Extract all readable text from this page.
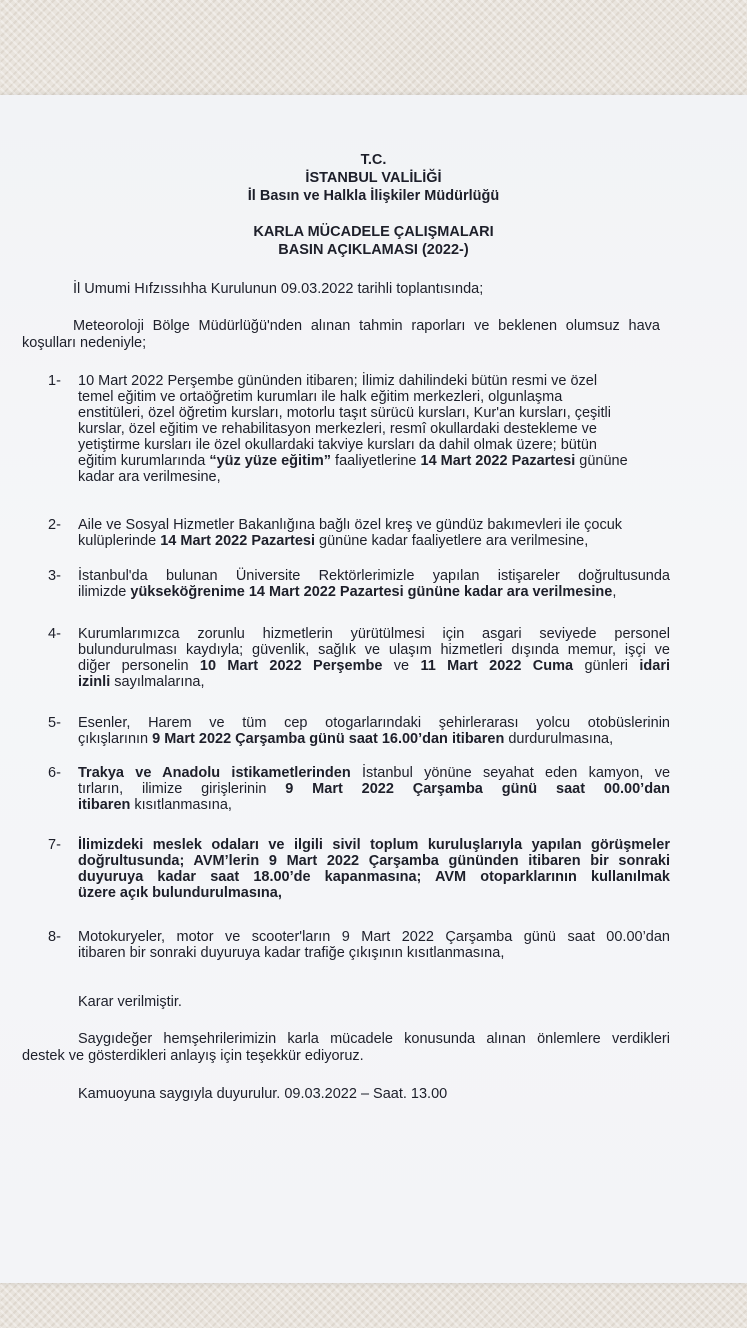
T.C.
İSTANBUL VALİLİĞİ
İl Basın ve Halkla İlişkiler Müdürlüğü
KARLA MÜCADELE ÇALIŞMALARI
BASIN AÇIKLAMASI (2022-)
İl Umumi Hıfzıssıhha Kurulunun 09.03.2022 tarihli toplantısında;
Meteoroloji Bölge Müdürlüğü'nden alınan tahmin raporları ve beklenen olumsuz hava
koşulları nedeniyle;
1- 10 Mart 2022 Perşembe gününden itibaren; İlimiz dahilindeki bütün resmi ve özel
temel eğitim ve ortaöğretim kurumları ile halk eğitim merkezleri, olgunlaşma
enstitüleri, özel öğretim kursları, motorlu taşıt sürücü kursları, Kur'an kursları, çeşitli
kurslar, özel eğitim ve rehabilitasyon merkezleri, resmî okullardaki destekleme ve
yetiştirme kursları ile özel okullardaki takviye kursları da dahil olmak üzere; bütün
eğitim kurumlarında “yüz yüze eğitim” faaliyetlerine 14 Mart 2022 Pazartesi gününe
kadar ara verilmesine,
2- Aile ve Sosyal Hizmetler Bakanlığına bağlı özel kreş ve gündüz bakımevleri ile çocuk
kulüplerinde 14 Mart 2022 Pazartesi gününe kadar faaliyetlere ara verilmesine,
3- İstanbul'da bulunan Üniversite Rektörlerimizle yapılan istişareler doğrultusunda
ilimizde yükseköğrenime 14 Mart 2022 Pazartesi gününe kadar ara verilmesine,
4- Kurumlarımızca zorunlu hizmetlerin yürütülmesi için asgari seviyede personel
bulundurulması kaydıyla; güvenlik, sağlık ve ulaşım hizmetleri dışında memur, işçi ve
diğer personelin 10 Mart 2022 Perşembe ve 11 Mart 2022 Cuma günleri idari
izinli sayılmalarına,
5- Esenler, Harem ve tüm cep otogarlarındaki şehirlerarası yolcu otobüslerinin
çıkışlarının 9 Mart 2022 Çarşamba günü saat 16.00’dan itibaren durdurulmasına,
6- Trakya ve Anadolu istikametlerinden İstanbul yönüne seyahat eden kamyon, ve
tırların, ilimize girişlerinin 9 Mart 2022 Çarşamba günü saat 00.00’dan
itibaren kısıtlanmasına,
7- İlimizdeki meslek odaları ve ilgili sivil toplum kuruluşlarıyla yapılan görüşmeler
doğrultusunda; AVM’lerin 9 Mart 2022 Çarşamba gününden itibaren bir sonraki
duyuruya kadar saat 18.00’de kapanmasına; AVM otoparklarının kullanılmak
üzere açık bulundurulmasına,
8- Motokuryeler, motor ve scooter'ların 9 Mart 2022 Çarşamba günü saat 00.00’dan
itibaren bir sonraki duyuruya kadar trafiğe çıkışının kısıtlanmasına,
Karar verilmiştir.
Saygıdeğer hemşehrilerimizin karla mücadele konusunda alınan önlemlere verdikleri
destek ve gösterdikleri anlayış için teşekkür ediyoruz.
Kamuoyuna saygıyla duyurulur. 09.03.2022 – Saat. 13.00
